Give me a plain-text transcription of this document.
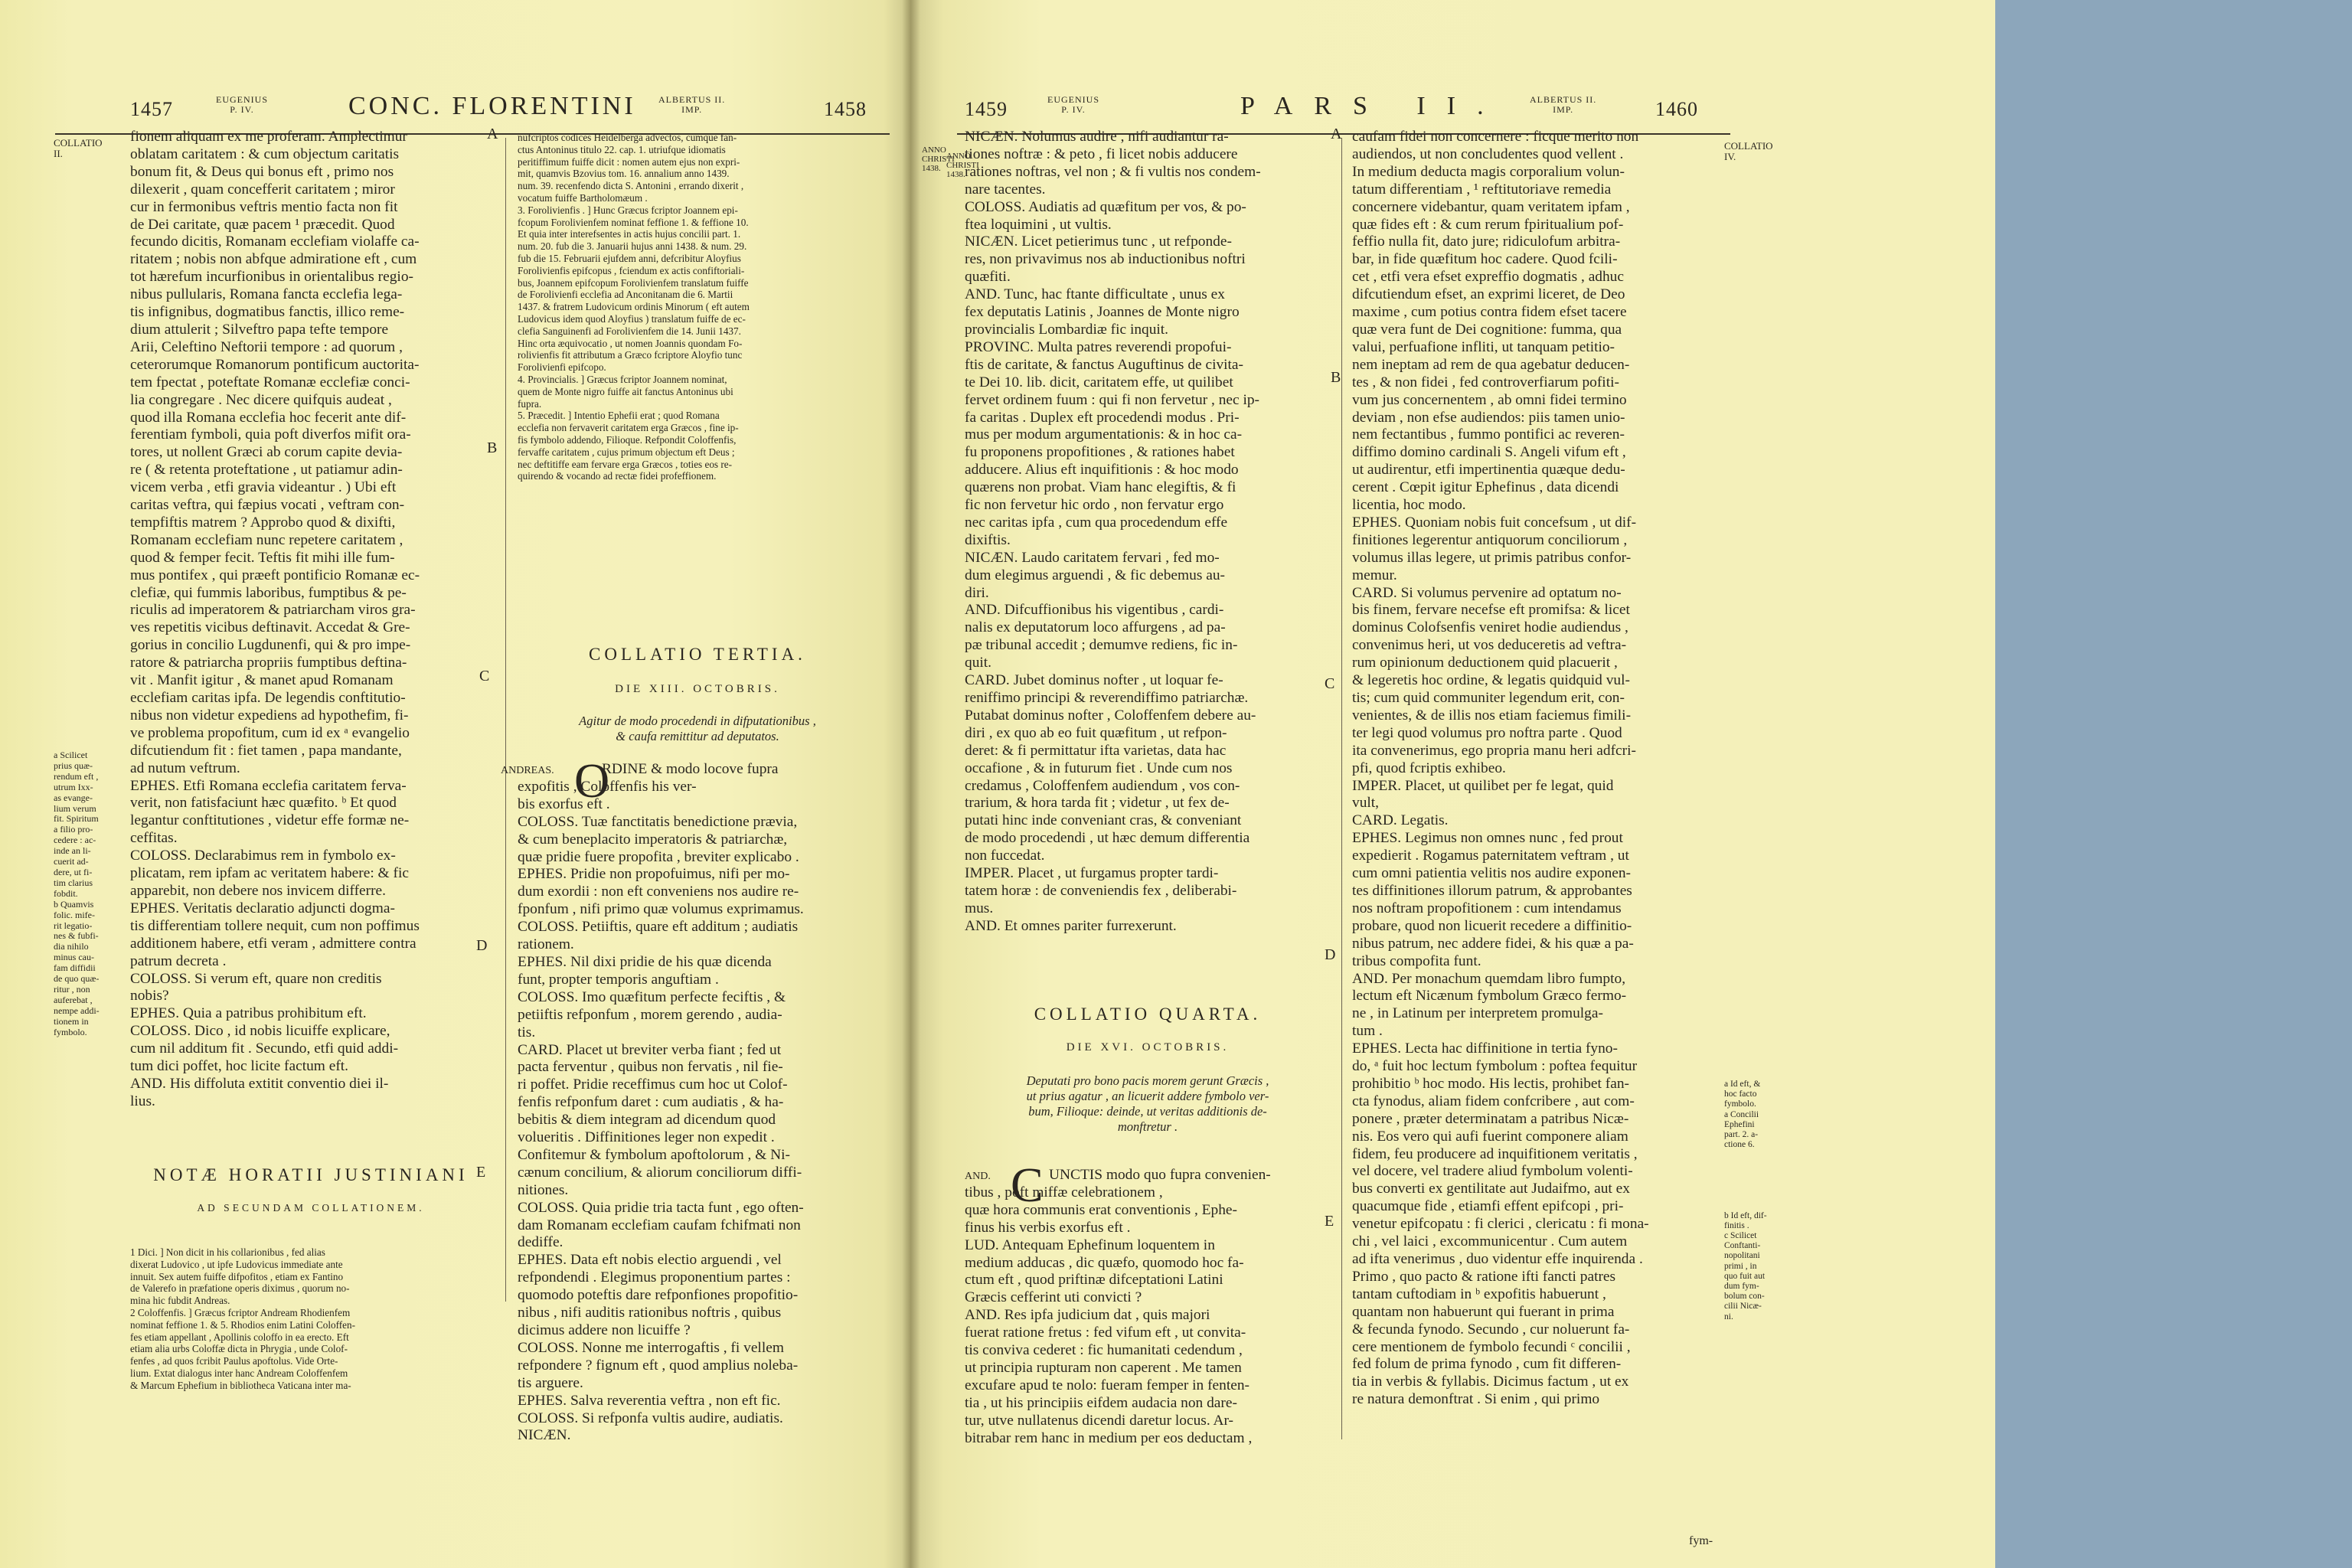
1457	EUGENIUS
P. IV.	CONC. FLORENTINI ALBERTUS II.
IMP.	1458
COLLATIO
II.
fionem aliquam ex me proferam. Amplectimur
oblatam caritatem : & cum objectum caritatis
bonum fit, & Deus qui bonus eft , primo nos
dilexerit , quam concefferit caritatem ; miror
cur in fermonibus veftris mentio facta non fit
de Dei caritate, quæ pacem ¹ præcedit. Quod
fecundo dicitis, Romanam ecclefiam violaffe ca-
ritatem ; nobis non abfque admiratione eft , cum
tot hærefum incurfionibus in orientalibus regio-
nibus pullularis, Romana fancta ecclefia lega-
tis infignibus, dogmatibus fanctis, illico reme-
dium attulerit ; Silveftro papa tefte tempore
Arii, Celeftino Neftorii tempore : ad quorum ,
ceterorumque Romanorum pontificum auctorita-
tem fpectat , poteftate Romanæ ecclefiæ conci-
lia congregare . Nec dicere quifquis audeat ,
quod illa Romana ecclefia hoc fecerit ante dif-
ferentiam fymboli, quia poft diverfos mifit ora-
tores, ut nollent Græci ab corum capite devia-
re ( & retenta proteftatione , ut patiamur adin-
vicem verba , etfi gravia videantur . ) Ubi eft
caritas veftra, qui fæpius vocati , veftram con-
tempfiftis matrem ? Approbo quod & dixifti,
Romanam ecclefiam nunc repetere caritatem ,
quod & femper fecit. Teftis fit mihi ille fum-
mus pontifex , qui præeft pontificio Romanæ ec-
clefiæ, qui fummis laboribus, fumptibus & pe-
riculis ad imperatorem & patriarcham viros gra-
ves repetitis vicibus deftinavit. Accedat & Gre-
gorius in concilio Lugdunenfi, qui & pro impe-
ratore & patriarcha propriis fumptibus deftina-
vit . Manfit igitur , & manet apud Romanam
ecclefiam caritas ipfa. De legendis conftitutio-
nibus non videtur expediens ad hypothefim, fi-
ve problema propofitum, cum id ex ᵃ evangelio
difcutiendum fit : fiet tamen , papa mandante,
ad nutum veftrum.
EPHES. Etfi Romana ecclefia caritatem ferva-
verit, non fatisfaciunt hæc quæfito. ᵇ Et quod
legantur conftitutiones , videtur effe formæ ne-
ceffitas.
COLOSS. Declarabimus rem in fymbolo ex-
plicatam, rem ipfam ac veritatem habere: & fic
apparebit, non debere nos invicem differre.
EPHES. Veritatis declaratio adjuncti dogma-
tis differentiam tollere nequit, cum non poffimus
additionem habere, etfi veram , admittere contra
patrum decreta .
COLOSS. Si verum eft, quare non creditis
nobis?
EPHES. Quia a patribus prohibitum eft.
COLOSS. Dico , id nobis licuiffe explicare,
cum nil additum fit . Secundo, etfi quid addi-
tum dici poffet, hoc licite factum eft.
AND. His diffoluta extitit conventio diei il-
lius.
a Scilicet
prius quæ-
rendum eft ,
utrum Ixx-
as evange-
lium verum
fit. Spiritum
a filio pro-
cedere : ac-
inde an li-
cuerit ad-
dere, ut fi-
tim clarius
fobdit.
b Quamvis
folic. mife-
rit legatio-
nes & fubfi-
dia nihilo
minus cau-
fam diffidii
de quo quæ-
ritur , non
auferebat ,
nempe addi-
tionem in
fymbolo.
NOTÆ HORATII JUSTINIANI
AD SECUNDAM COLLATIONEM.
1 Dici. ] Non dicit in his collarionibus , fed alias
dixerat Ludovico , ut ipfe Ludovicus immediate ante
innuit. Sex autem fuiffe difpofitos , etiam ex Fantino
de Valerefo in præfatione operis diximus , quorum no-
mina hic fubdit Andreas.
2 Coloffenfis. ] Græcus fcriptor Andream Rhodienfem
nominat feffione 1. & 5. Rhodios enim Latini Coloffen-
fes etiam appellant , Apollinis coloffo in ea erecto. Eft
etiam alia urbs Coloffæ dicta in Phrygia , unde Colof-
fenfes , ad quos fcribit Paulus apoftolus. Vide Orte-
lium. Extat dialogus inter hanc Andream Coloffenfem
& Marcum Ephefium in bibliotheca Vaticana inter ma-
nufcriptos codices Heidelberga advectos, cumque fan-
ctus Antoninus titulo 22. cap. 1. utriufque idiomatis
peritiffimum fuiffe dicit : nomen autem ejus non expri-
mit, quamvis Bzovius tom. 16. annalium anno 1439.
num. 39. recenfendo dicta S. Antonini , errando dixerit ,
vocatum fuiffe Bartholomæum .
3. Forolivienfis . ] Hunc Græcus fcriptor Joannem epi-
fcopum Forolivienfem nominat feffione 1. & feffione 10.
Et quia inter interefsentes in actis hujus concilii part. 1.
num. 20. fub die 3. Januarii hujus anni 1438. & num. 29.
fub die 15. Februarii ejufdem anni, defcribitur Aloyfius
Forolivienfis epifcopus , fciendum ex actis confiftoriali-
bus, Joannem epifcopum Forolivienfem translatum fuiffe
de Forolivienfi ecclefia ad Anconitanam die 6. Martii
1437. & fratrem Ludovicum ordinis Minorum ( eft autem
Ludovicus idem quod Aloyfius ) translatum fuiffe de ec-
clefia Sanguinenfi ad Forolivienfem die 14. Junii 1437.
Hinc orta æquivocatio , ut nomen Joannis quondam Fo-
rolivienfis fit attributum a Græco fcriptore Aloyfio tunc
Forolivienfi epifcopo.
4. Provincialis. ] Græcus fcriptor Joannem nominat,
quem de Monte nigro fuiffe ait fanctus Antoninus ubi
fupra.
5. Præcedit. ] Intentio Ephefii erat ; quod Romana
ecclefia non fervaverit caritatem erga Græcos , fine ip-
fis fymbolo addendo, Filioque. Refpondit Coloffenfis,
fervaffe caritatem , cujus primum objectum eft Deus ;
nec deftitiffe eam fervare erga Græcos , toties eos re-
quirendo & vocando ad rectæ fidei profeffionem.
COLLATIO TERTIA.
DIE XIII. OCTOBRIS.
Agitur de modo procedendi in difputationibus ,
& caufa remittitur ad deputatos.
ANDREAS. O
RDINE & modo locove fupra
expofitis , Coloffenfis his ver-
bis exorfus eft .
COLOSS. Tuæ fanctitatis benedictione prævia,
& cum beneplacito imperatoris & patriarchæ,
quæ pridie fuere propofita , breviter explicabo .
EPHES. Pridie non propofuimus, nifi per mo-
dum exordii : non eft conveniens nos audire re-
fponfum , nifi primo quæ volumus exprimamus.
COLOSS. Petiiftis, quare eft additum ; audiatis
rationem.
EPHES. Nil dixi pridie de his quæ dicenda
funt, propter temporis anguftiam .
COLOSS. Imo quæfitum perfecte feciftis , &
petiiftis refponfum , morem gerendo , audia-
tis.
CARD. Placet ut breviter verba fiant ; fed ut
pacta ferventur , quibus non fervatis , nil fie-
ri poffet. Pridie receffimus cum hoc ut Colof-
fenfis refponfum daret : cum audiatis , & ha-
bebitis & diem integram ad dicendum quod
volueritis . Diffinitiones leger non expedit .
Confitemur & fymbolum apoftolorum , & Ni-
cænum concilium, & aliorum conciliorum diffi-
nitiones.
COLOSS. Quia pridie tria tacta funt , ego often-
dam Romanam ecclefiam caufam fchifmati non
dediffe.
EPHES. Data eft nobis electio arguendi , vel
refpondendi . Elegimus proponentium partes :
quomodo poteftis dare refponfiones propofitio-
nibus , nifi auditis rationibus noftris , quibus
dicimus addere non licuiffe ?
COLOSS. Nonne me interrogaftis , fi vellem
refpondere ? fignum eft , quod amplius noleba-
tis arguere.
EPHES. Salva reverentia veftra , non eft fic.
COLOSS. Si refponfa vultis audire, audiatis.
NICÆN.
A
B
C
D
E
1459	EUGENIUS
P. IV.	PARS II.	ALBERTUS II.
IMP.	1460
ANNO
CHRISTI
1438.
ANNO
CHRISTI
1438.
COLLATIO
IV.
NICÆN. Nolumus audire , nifi audiantur ra-
tiones noftræ : & peto , fi licet nobis adducere
rationes noftras, vel non ; & fi vultis nos condem-
nare tacentes.
COLOSS. Audiatis ad quæfitum per vos, & po-
ftea loquimini , ut vultis.
NICÆN. Licet petierimus tunc , ut refponde-
res, non privavimus nos ab inductionibus noftri
quæfiti.
AND. Tunc, hac ftante difficultate , unus ex
fex deputatis Latinis , Joannes de Monte nigro
provincialis Lombardiæ fic inquit.
PROVINC. Multa patres reverendi propofui-
ftis de caritate, & fanctus Auguftinus de civita-
te Dei 10. lib. dicit, caritatem effe, ut quilibet
fervet ordinem fuum : qui fi non fervetur , nec ip-
fa caritas . Duplex eft procedendi modus . Pri-
mus per modum argumentationis: & in hoc ca-
fu proponens propofitiones , & rationes habet
adducere. Alius eft inquifitionis : & hoc modo
quærens non probat. Viam hanc elegiftis, & fi
fic non fervetur hic ordo , non fervatur ergo
nec caritas ipfa , cum qua procedendum effe
dixiftis.
NICÆN. Laudo caritatem fervari , fed mo-
dum elegimus arguendi , & fic debemus au-
diri.
AND. Difcuffionibus his vigentibus , cardi-
nalis ex deputatorum loco affurgens , ad pa-
pæ tribunal accedit ; demumve rediens, fic in-
quit.
CARD. Jubet dominus nofter , ut loquar fe-
reniffimo principi & reverendiffimo patriarchæ.
Putabat dominus nofter , Coloffenfem debere au-
diri , ex quo ab eo fuit quæfitum , ut refpon-
deret: & fi permittatur ifta varietas, data hac
occafione , & in futurum fiet . Unde cum nos
credamus , Coloffenfem audiendum , vos con-
trarium, & hora tarda fit ; videtur , ut fex de-
putati hinc inde conveniant cras, & conveniant
de modo procedendi , ut hæc demum differentia
non fuccedat.
IMPER. Placet , ut furgamus propter tardi-
tatem horæ : de conveniendis fex , deliberabi-
mus.
AND. Et omnes pariter furrexerunt.
COLLATIO QUARTA.
DIE XVI. OCTOBRIS.
Deputati pro bono pacis morem gerunt Græcis ,
ut prius agatur , an licuerit addere fymbolo ver-
bum, Filioque: deinde, ut veritas additionis de-
monftretur .
AND. C UNCTIS modo quo fupra convenien-
tibus , poft miffæ celebrationem ,
quæ hora communis erat conventionis , Ephe-
finus his verbis exorfus eft .
LUD. Antequam Ephefinum loquentem in
medium adducas , dic quæfo, quomodo hoc fa-
ctum eft , quod priftinæ difceptationi Latini
Græcis cefferint uti convicti ?
AND. Res ipfa judicium dat , quis majori
fuerat ratione fretus : fed vifum eft , ut convita-
tis conviva cederet : fic humanitati cedendum ,
ut principia rupturam non caperent . Me tamen
excufare apud te nolo: fueram femper in fenten-
tia , ut his principiis eifdem audacia non dare-
tur, utve nullatenus dicendi daretur locus. Ar-
bitrabar rem hanc in medium per eos deductam ,
A
B
C
D
E
caufam fidei non concernere : ficque merito non
audiendos, ut non concludentes quod vellent .
In medium deducta magis corporalium volun-
tatum differentiam , ¹ reftitutoriave remedia
concernere videbantur, quam veritatem ipfam ,
quæ fides eft : & cum rerum fpiritualium pof-
feffio nulla fit, dato jure; ridiculofum arbitra-
bar, in fide quæfitum hoc cadere. Quod fcili-
cet , etfi vera efset expreffio dogmatis , adhuc
difcutiendum efset, an exprimi liceret, de Deo
maxime , cum potius contra fidem efset tacere
quæ vera funt de Dei cognitione: fumma, qua
valui, perfuafione infliti, ut tanquam petitio-
nem ineptam ad rem de qua agebatur deducen-
tes , & non fidei , fed controverfiarum pofiti-
vum jus concernentem , ab omni fidei termino
deviam , non efse audiendos: piis tamen unio-
nem fectantibus , fummo pontifici ac reveren-
diffimo domino cardinali S. Angeli vifum eft ,
ut audirentur, etfi impertinentia quæque dedu-
cerent . Cœpit igitur Ephefinus , data dicendi
licentia, hoc modo.
EPHES. Quoniam nobis fuit concefsum , ut dif-
finitiones legerentur antiquorum conciliorum ,
volumus illas legere, ut primis patribus confor-
memur.
CARD. Si volumus pervenire ad optatum no-
bis finem, fervare necefse eft promifsa: & licet
dominus Colofsenfis veniret hodie audiendus ,
convenimus heri, ut vos deduceretis ad veftra-
rum opinionum deductionem quid placuerit ,
& legeretis hoc ordine, & legatis quidquid vul-
tis; cum quid communiter legendum erit, con-
venientes, & de illis nos etiam faciemus fimili-
ter legi quod volumus pro noftra parte . Quod
ita convenerimus, ego propria manu heri adfcri-
pfi, quod fcriptis exhibeo.
IMPER. Placet, ut quilibet per fe legat, quid
vult,
CARD. Legatis.
EPHES. Legimus non omnes nunc , fed prout
expedierit . Rogamus paternitatem veftram , ut
cum omni patientia velitis nos audire exponen-
tes diffinitiones illorum patrum, & approbantes
nos noftram propofitionem : cum intendamus
probare, quod non licuerit recedere a diffinitio-
nibus patrum, nec addere fidei, & his quæ a pa-
tribus compofita funt.
AND. Per monachum quemdam libro fumpto,
lectum eft Nicænum fymbolum Græco fermo-
ne , in Latinum per interpretem promulga-
tum .
EPHES. Lecta hac diffinitione in tertia fyno-
do, ᵃ fuit hoc lectum fymbolum : poftea fequitur
prohibitio ᵇ hoc modo. His lectis, prohibet fan-
cta fynodus, aliam fidem confcribere , aut com-
ponere , præter determinatam a patribus Nicæ-
nis. Eos vero qui aufi fuerint componere aliam
fidem, feu producere ad inquifitionem veritatis ,
vel docere, vel tradere aliud fymbolum volenti-
bus converti ex gentilitate aut Judaifmo, aut ex
quacumque fide , etiamfi effent epifcopi , pri-
venetur epifcopatu : fi clerici , clericatu : fi mona-
chi , vel laici , excommunicentur . Cum autem
ad ifta venerimus , duo videntur effe inquirenda .
Primo , quo pacto & ratione ifti fancti patres
tantam cuftodiam in ᵇ expofitis habuerunt ,
quantam non habuerunt qui fuerant in prima
& fecunda fynodo. Secundo , cur noluerunt fa-
cere mentionem de fymbolo fecundi ᶜ concilii ,
fed folum de prima fynodo , cum fit differen-
tia in verbis & fyllabis. Dicimus factum , ut ex
re natura demonftrat . Si enim , qui primo
fym-
a Id eft, &
hoc facto
fymbolo.
a Concilii
Ephefini
part. 2. a-
ctione 6.

b Id eft, dif-
finitis .
c Scilicet
Conftanti-
nopolitani
primi , in
quo fuit aut
dum fym-
bolum con-
cilii Nicæ-
ni.
